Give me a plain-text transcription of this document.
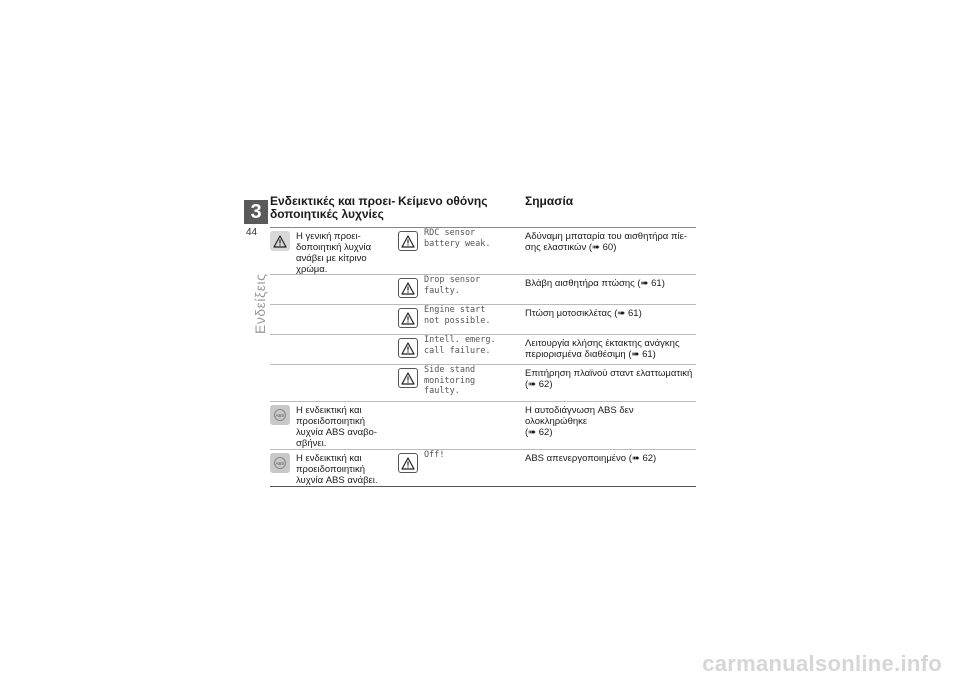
3
44
Ενδείξεις
Ενδεικτικές και προει-
δοποιητικές λυχνίες
Κείμενο οθόνης	Σημασία
Η γενική προει-
δοποιητική λυχνία
ανάβει με κίτρινο
χρώμα.
RDC sensor
battery weak.
Αδύναμη μπαταρία του αισθητήρα πίε-
σης ελαστικών (➠ 60)
Drop sensor
faulty.
Βλάβη αισθητήρα πτώσης (➠ 61)
Engine start
not possible.
Πτώση μοτοσικλέτας (➠ 61)
Intell. emerg.
call failure.
Λειτουργία κλήσης έκτακτης ανάγκης
περιορισμένα διαθέσιμη (➠ 61)
Side stand
monitoring
faulty.
Επιτήρηση πλαϊνού σταντ ελαττωματική
(➠ 62)
ABS Η ενδεικτική και
προειδοποιητική
λυχνία ABS αναβο-
σβήνει.
Η αυτοδιάγνωση ABS δεν ολοκληρώθηκε
(➠ 62)
ABS Η ενδεικτική και
προειδοποιητική
λυχνία ABS ανάβει.
Off!	ABS απενεργοποιημένο (➠ 62)
carmanualsonline.info
